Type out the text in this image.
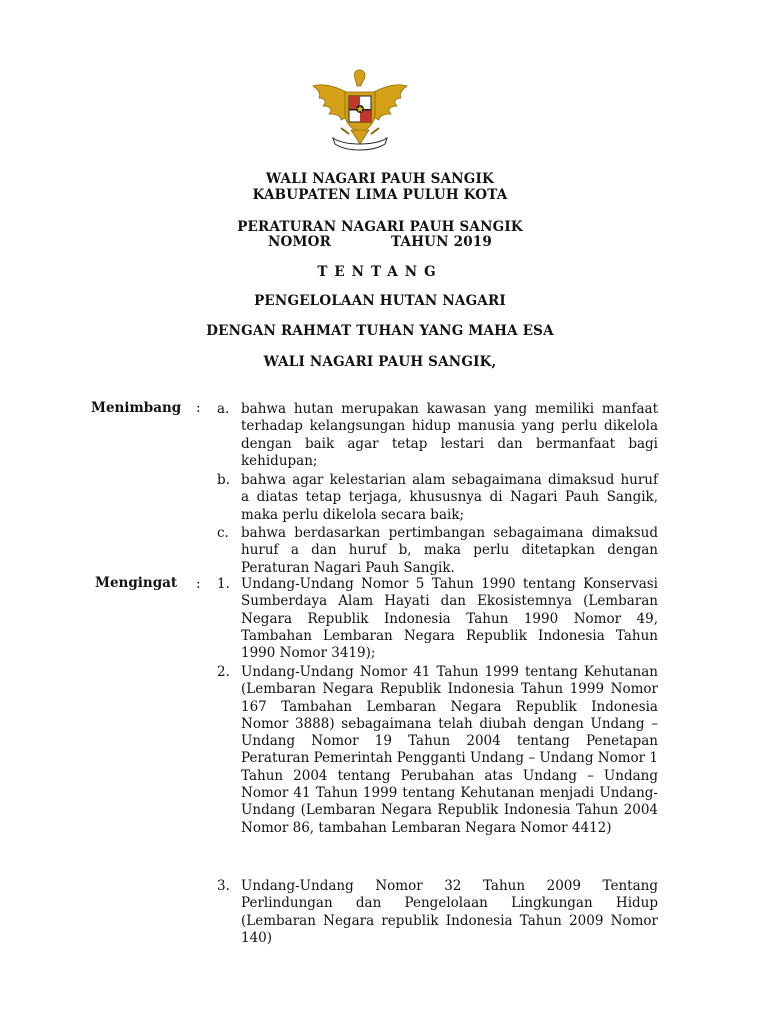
WALI NAGARI PAUH SANGIK
KABUPATEN LIMA PULUH KOTA
PERATURAN NAGARI PAUH SANGIK
NOMOR	TAHUN 2019
TENTANG
PENGELOLAAN HUTAN NAGARI
DENGAN RAHMAT TUHAN YANG MAHA ESA
WALI NAGARI PAUH SANGIK,
Menimbang : a. bahwa hutan merupakan kawasan yang memiliki manfaat terhadap kelangsungan hidup manusia yang perlu dikelola dengan baik agar tetap lestari dan bermanfaat bagi kehidupan;
b. bahwa agar kelestarian alam sebagaimana dimaksud huruf a diatas tetap terjaga, khususnya di Nagari Pauh Sangik, maka perlu dikelola secara baik;
c. bahwa berdasarkan pertimbangan sebagaimana dimaksud huruf a dan huruf b, maka perlu ditetapkan dengan Peraturan Nagari Pauh Sangik.
Mengingat : 1. Undang-Undang Nomor 5 Tahun 1990 tentang Konservasi Sumberdaya Alam Hayati dan Ekosistemnya (Lembaran Negara Republik Indonesia Tahun 1990 Nomor 49, Tambahan Lembaran Negara Republik Indonesia Tahun 1990 Nomor 3419);
2. Undang-Undang Nomor 41 Tahun 1999 tentang Kehutanan (Lembaran Negara Republik Indonesia Tahun 1999 Nomor 167 Tambahan Lembaran Negara Republik Indonesia Nomor 3888) sebagaimana telah diubah dengan Undang – Undang Nomor 19 Tahun 2004 tentang Penetapan Peraturan Pemerintah Pengganti Undang – Undang Nomor 1 Tahun 2004 tentang Perubahan atas Undang – Undang Nomor 41 Tahun 1999 tentang Kehutanan menjadi Undang-Undang (Lembaran Negara Republik Indonesia Tahun 2004 Nomor 86, tambahan Lembaran Negara Nomor 4412)
3. Undang-Undang Nomor 32 Tahun 2009 Tentang Perlindungan dan Pengelolaan Lingkungan Hidup (Lembaran Negara republik Indonesia Tahun 2009 Nomor 140)
